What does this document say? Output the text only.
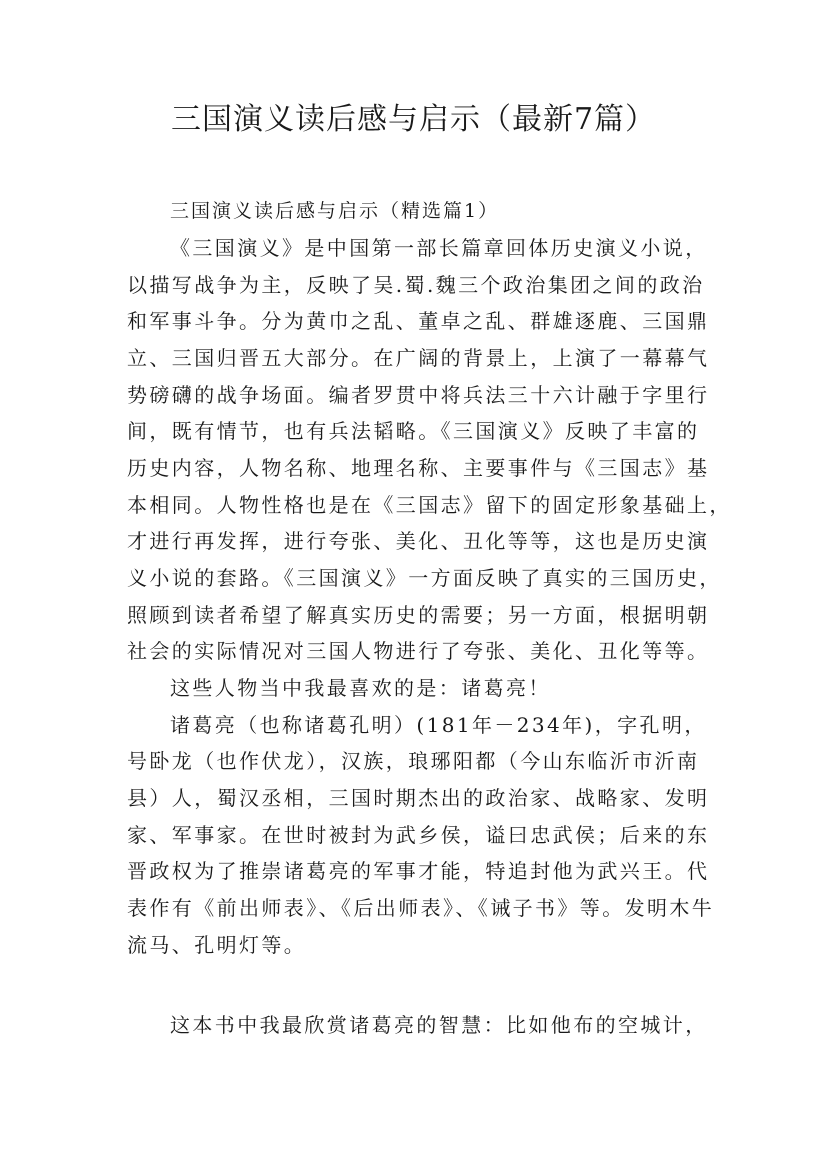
三国演义读后感与启示（最新7篇）

三国演义读后感与启示（精选篇1）

《三国演义》是中国第一部长篇章回体历史演义小说，

以描写战争为主，反映了吴.蜀.魏三个政治集团之间的政治

和军事斗争。分为黄巾之乱、董卓之乱、群雄逐鹿、三国鼎

立、三国归晋五大部分。在广阔的背景上，上演了一幕幕气

势磅礴的战争场面。编者罗贯中将兵法三十六计融于字里行

间，既有情节，也有兵法韬略。《三国演义》反映了丰富的

历史内容，人物名称、地理名称、主要事件与《三国志》基

本相同。人物性格也是在《三国志》留下的固定形象基础上，

才进行再发挥，进行夸张、美化、丑化等等，这也是历史演

义小说的套路。《三国演义》一方面反映了真实的三国历史，

照顾到读者希望了解真实历史的需要；另一方面，根据明朝

社会的实际情况对三国人物进行了夸张、美化、丑化等等。

这些人物当中我最喜欢的是：诸葛亮！

诸葛亮（也称诸葛孔明）(181年－234年)，字孔明，

号卧龙（也作伏龙），汉族，琅琊阳都（今山东临沂市沂南

县）人，蜀汉丞相，三国时期杰出的政治家、战略家、发明

家、军事家。在世时被封为武乡侯，谥曰忠武侯；后来的东

晋政权为了推崇诸葛亮的军事才能，特追封他为武兴王。代

表作有《前出师表》、《后出师表》、《诫子书》等。发明木牛

流马、孔明灯等。

这本书中我最欣赏诸葛亮的智慧：比如他布的空城计，
